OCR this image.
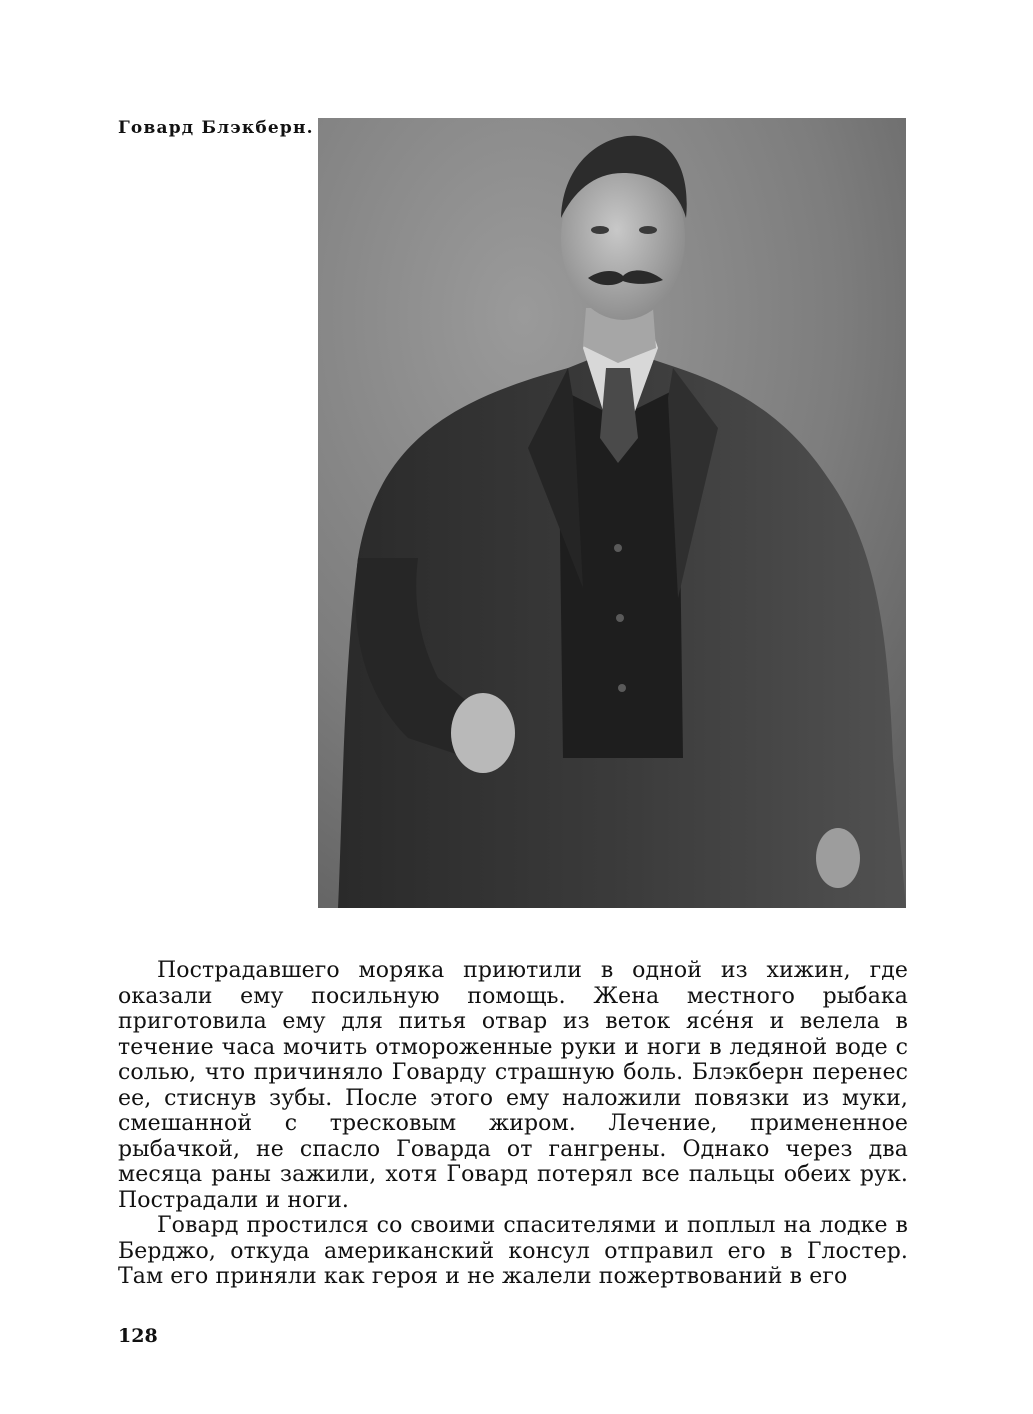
Говард Блэкберн.

Пострадавшего моряка приютили в одной из хижин, где оказали ему посильную помощь. Жена местного рыбака приготовила ему для питья отвар из веток ясе́ня и велела в течение часа мочить отмороженные руки и ноги в ледяной воде с солью, что причиняло Говарду страшную боль. Блэкберн перенес ее, стиснув зубы. После этого ему наложили повязки из муки, смешанной с тресковым жиром. Лечение, примененное рыбачкой, не спасло Говарда от гангрены. Однако через два месяца раны зажили, хотя Говард потерял все пальцы обеих рук. Пострадали и ноги.

Говард простился со своими спасителями и поплыл на лодке в Берджо, откуда американский консул отправил его в Глостер. Там его приняли как героя и не жалели пожертвований в его

128
